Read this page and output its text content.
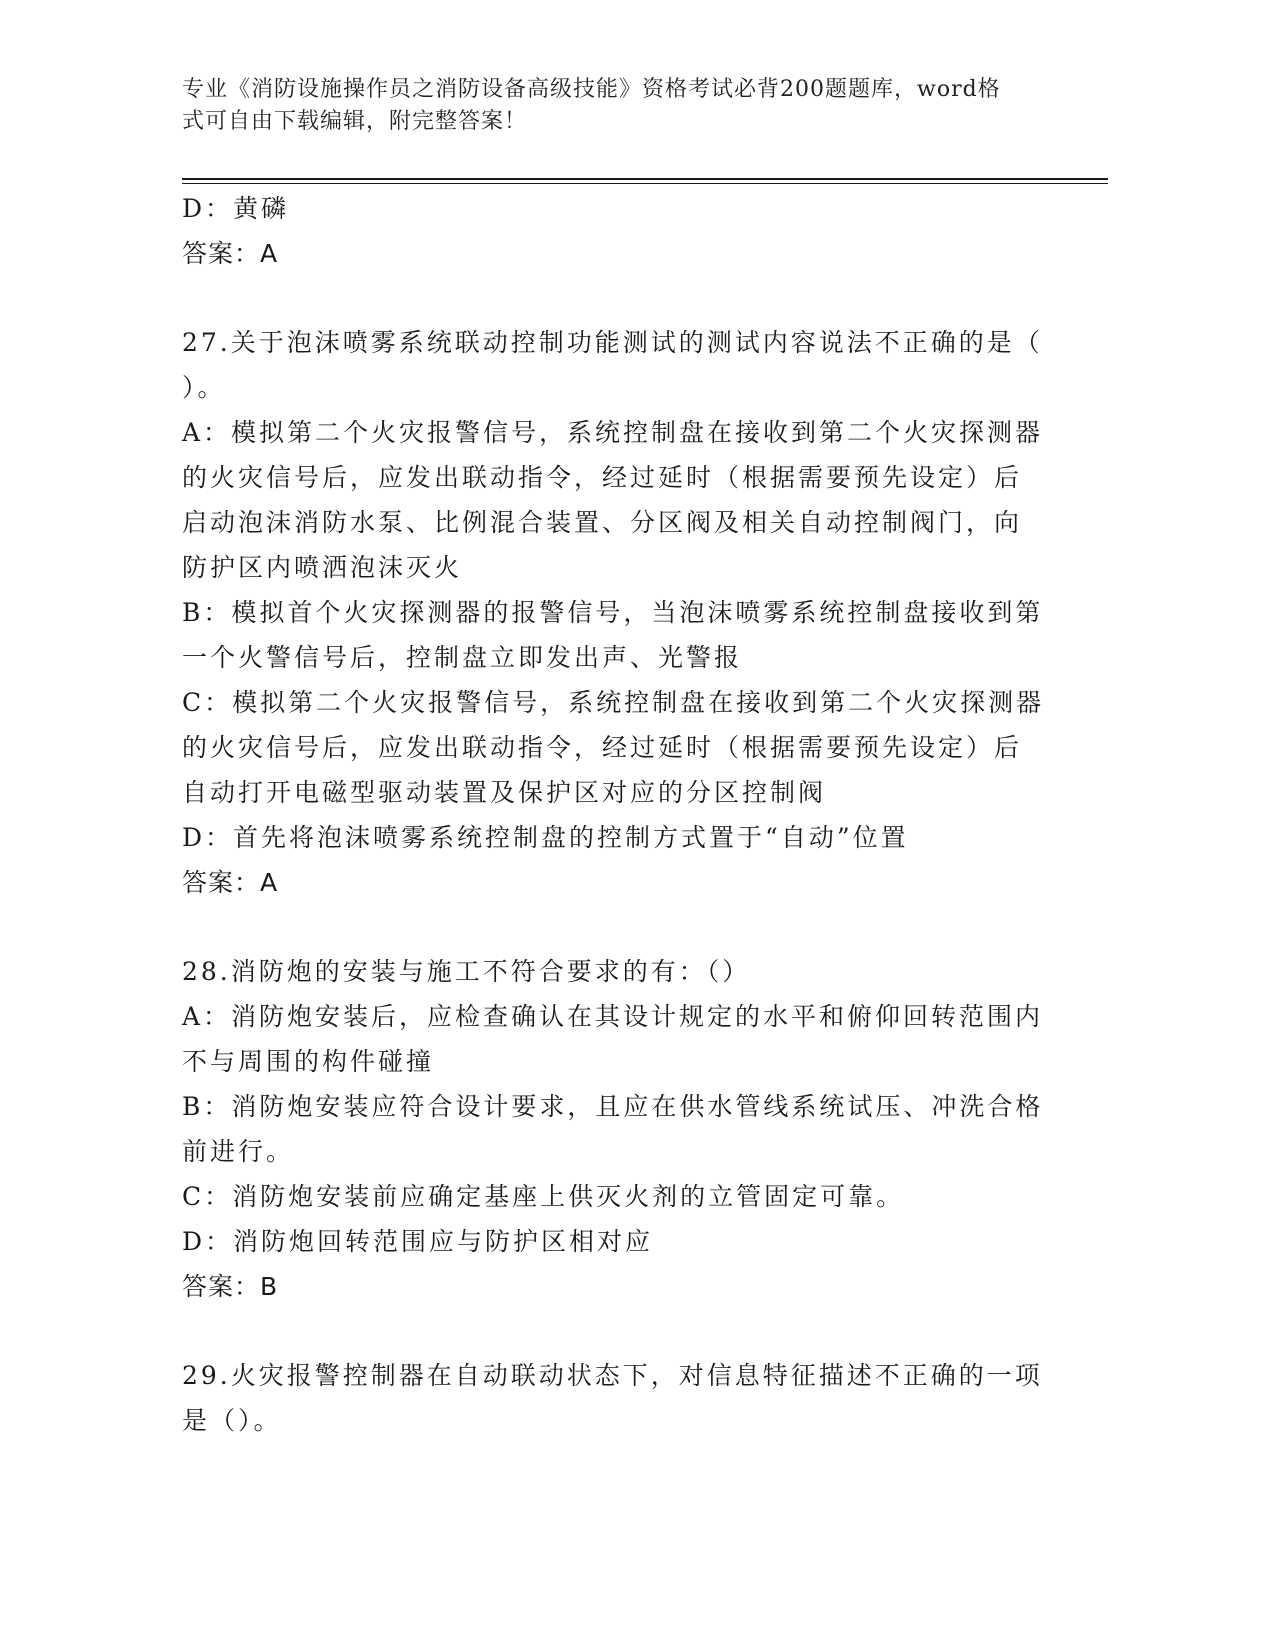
专业《消防设施操作员之消防设备高级技能》资格考试必背200题题库，word格
式可自由下载编辑，附完整答案！

D：黄磷

答案：A

27.关于泡沫喷雾系统联动控制功能测试的测试内容说法不正确的是（

）。

A：模拟第二个火灾报警信号，系统控制盘在接收到第二个火灾探测器

的火灾信号后，应发出联动指令，经过延时（根据需要预先设定）后

启动泡沫消防水泵、比例混合装置、分区阀及相关自动控制阀门，向

防护区内喷洒泡沫灭火

B：模拟首个火灾探测器的报警信号，当泡沫喷雾系统控制盘接收到第

一个火警信号后，控制盘立即发出声、光警报

C：模拟第二个火灾报警信号，系统控制盘在接收到第二个火灾探测器

的火灾信号后，应发出联动指令，经过延时（根据需要预先设定）后

自动打开电磁型驱动装置及保护区对应的分区控制阀

D：首先将泡沫喷雾系统控制盘的控制方式置于“自动”位置

答案：A

28.消防炮的安装与施工不符合要求的有：（）

A：消防炮安装后，应检查确认在其设计规定的水平和俯仰回转范围内

不与周围的构件碰撞

B：消防炮安装应符合设计要求，且应在供水管线系统试压、冲洗合格

前进行。

C：消防炮安装前应确定基座上供灭火剂的立管固定可靠。

D：消防炮回转范围应与防护区相对应

答案：B

29.火灾报警控制器在自动联动状态下，对信息特征描述不正确的一项

是（）。
